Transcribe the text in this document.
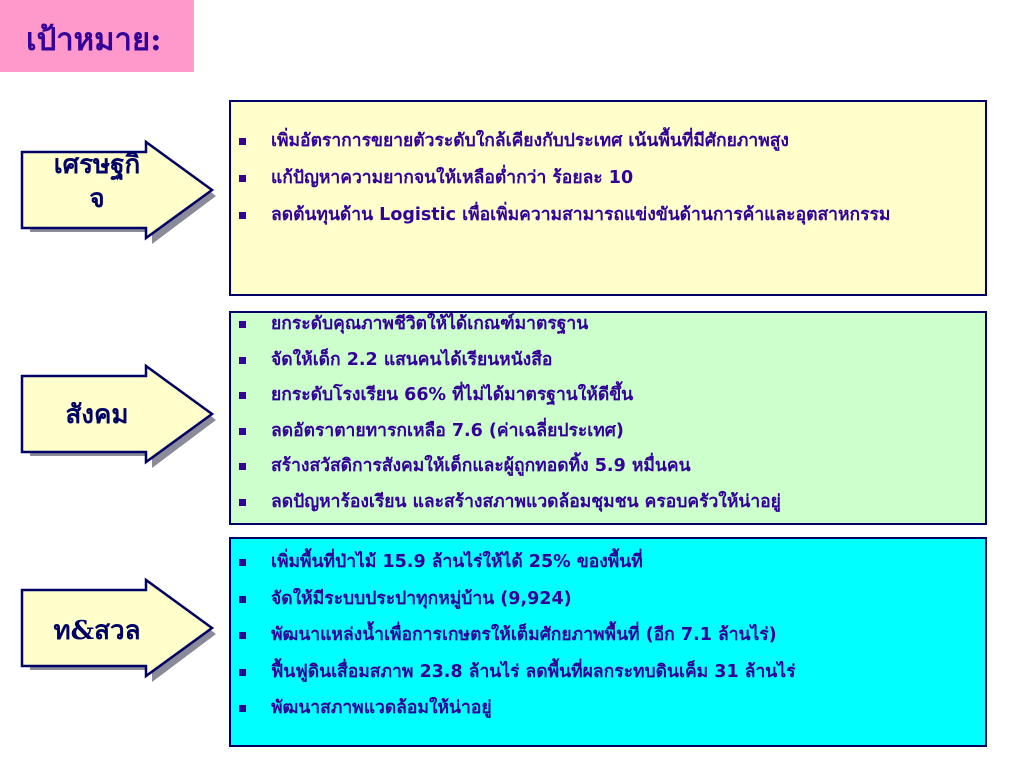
เป้าหมาย:
เศรษฐกิ
จ
สังคม
ท&สวล
เพิ่มอัตราการขยายตัวระดับใกล้เคียงกับประเทศ เน้นพื้นที่มีศักยภาพสูง
แก้ปัญหาความยากจนให้เหลือต่ำกว่า ร้อยละ 10
ลดต้นทุนด้าน Logistic เพื่อเพิ่มความสามารถแข่งขันด้านการค้าและอุตสาหกรรม
ยกระดับคุณภาพชีวิตให้ได้เกณฑ์มาตรฐาน
จัดให้เด็ก 2.2 แสนคนได้เรียนหนังสือ
ยกระดับโรงเรียน 66% ที่ไม่ได้มาตรฐานให้ดีขึ้น
ลดอัตราตายทารกเหลือ 7.6 (ค่าเฉลี่ยประเทศ)
สร้างสวัสดิการสังคมให้เด็กและผู้ถูกทอดทิ้ง 5.9 หมื่นคน
ลดปัญหาร้องเรียน และสร้างสภาพแวดล้อมชุมชน ครอบครัวให้น่าอยู่
เพิ่มพื้นที่ป่าไม้ 15.9 ล้านไร่ให้ได้ 25% ของพื้นที่
จัดให้มีระบบประปาทุกหมู่บ้าน (9,924)
พัฒนาแหล่งน้ำเพื่อการเกษตรให้เต็มศักยภาพพื้นที่ (อีก 7.1 ล้านไร่)
ฟื้นฟูดินเสื่อมสภาพ 23.8 ล้านไร่ ลดพื้นที่ผลกระทบดินเค็ม 31 ล้านไร่
พัฒนาสภาพแวดล้อมให้น่าอยู่
